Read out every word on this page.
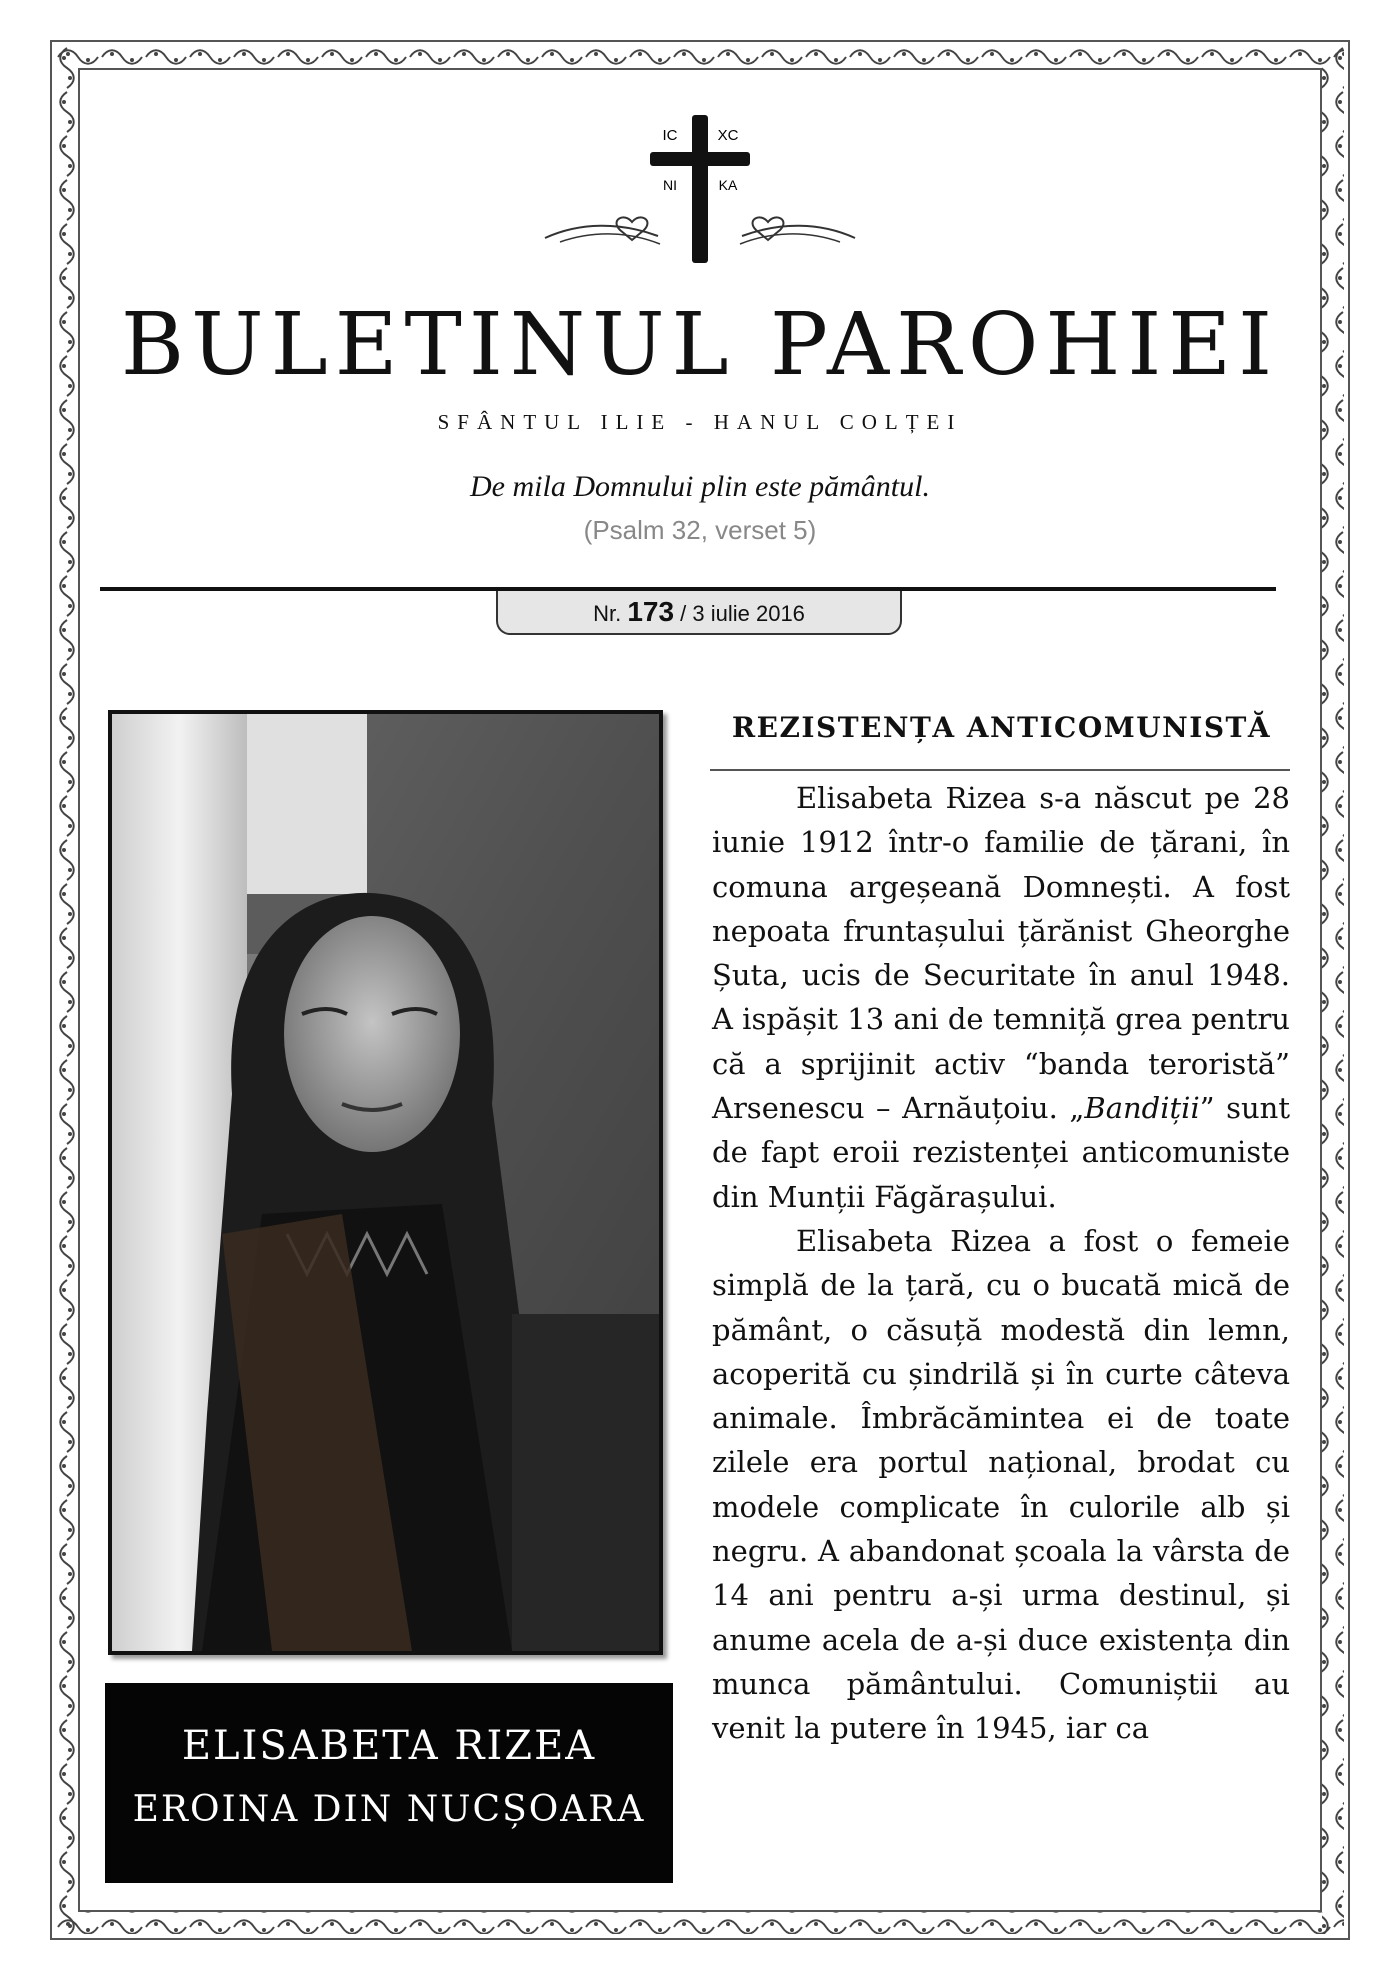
IC	XC
NI	KA
BULETINUL PAROHIEI
SFÂNTUL ILIE - HANUL COLȚEI
De mila Domnului plin este pământul.
(Psalm 32, verset 5)
Nr. 173 / 3 iulie 2016
ELISABETA RIZEA
EROINA DIN NUCȘOARA
REZISTENȚA ANTICOMUNISTĂ

Elisabeta Rizea s-a născut pe 28 iunie 1912 într-o familie de țărani, în comuna argeșeană Domnești. A fost nepoata fruntașului țărănist Gheorghe Șuta, ucis de Securitate în anul 1948. A ispășit 13 ani de temniță grea pentru că a sprijinit activ “banda teroristă” Arsenescu – Arnăuțoiu. „Bandiții” sunt de fapt eroii rezistenței anticomuniste din Munții Făgărașului.

Elisabeta Rizea a fost o femeie simplă de la țară, cu o bucată mică de pământ, o căsuță modestă din lemn, acoperită cu șindrilă și în curte câteva animale. Îmbrăcămintea ei de toate zilele era portul național, brodat cu modele complicate în culorile alb și negru. A abandonat școala la vârsta de 14 ani pentru a-și urma destinul, și anume acela de a-și duce existența din munca pământului. Comuniștii au venit la putere în 1945, iar ca
